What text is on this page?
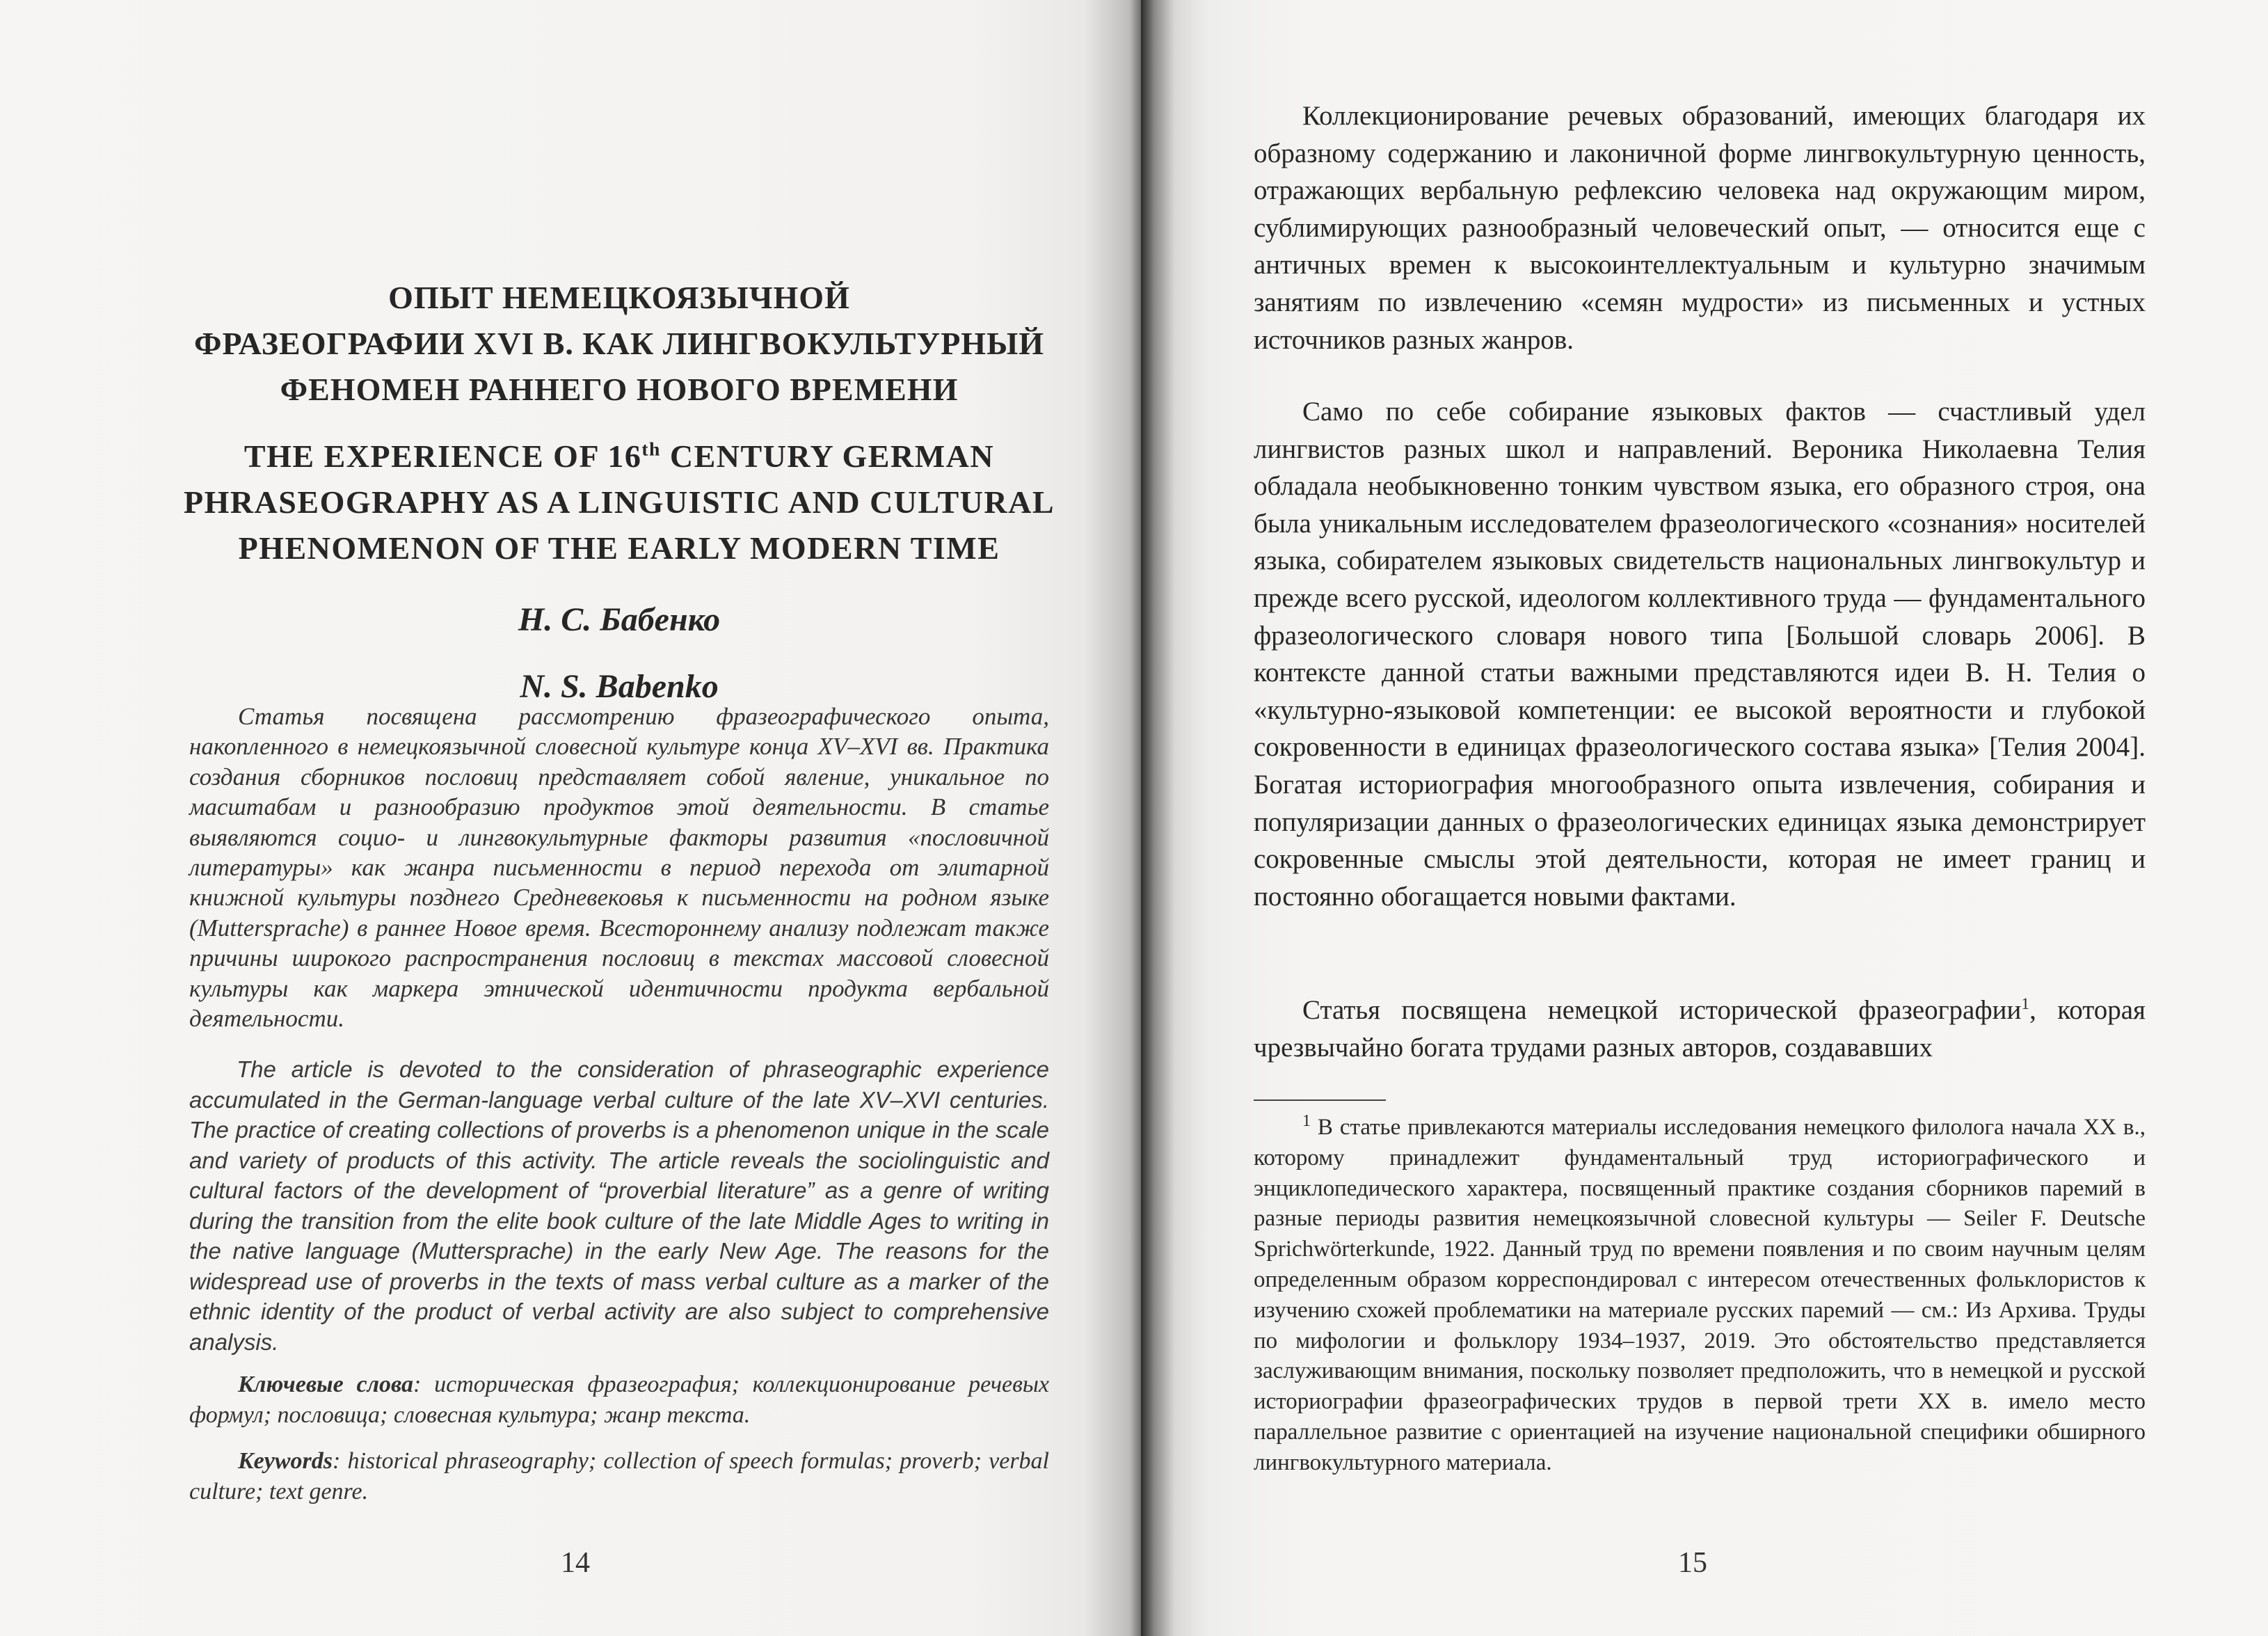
ОПЫТ НЕМЕЦКОЯЗЫЧНОЙ
ФРАЗЕОГРАФИИ XVI В. КАК ЛИНГВОКУЛЬТУРНЫЙ
ФЕНОМЕН РАННЕГО НОВОГО ВРЕМЕНИ

THE EXPERIENCE OF 16th CENTURY GERMAN
PHRASEOGRAPHY AS A LINGUISTIC AND CULTURAL
PHENOMENON OF THE EARLY MODERN TIME

Н. С. Бабенко

N. S. Babenko

Статья посвящена рассмотрению фразеографического опыта, накопленного в немецкоязычной словесной культуре конца XV–XVI вв. Практика создания сборников пословиц представляет собой явление, уникальное по масштабам и разнообразию продуктов этой деятельности. В статье выявляются социо- и лингвокультурные факторы развития «пословичной литературы» как жанра письменности в период перехода от элитарной книжной культуры позднего Средневековья к письменности на родном языке (Muttersprache) в раннее Новое время. Всестороннему анализу подлежат также причины широкого распространения пословиц в текстах массовой словесной культуры как маркера этнической идентичности продукта вербальной деятельности.

The article is devoted to the consideration of phraseographic experience accumulated in the German-language verbal culture of the late XV–XVI centuries. The practice of creating collections of proverbs is a phenomenon unique in the scale and variety of products of this activity. The article reveals the sociolinguistic and cultural factors of the development of “proverbial literature” as a genre of writing during the transition from the elite book culture of the late Middle Ages to writing in the native language (Muttersprache) in the early New Age. The reasons for the widespread use of proverbs in the texts of mass verbal culture as a marker of the ethnic identity of the product of verbal activity are also subject to comprehensive analysis.

Ключевые слова: историческая фразеография; коллекционирование речевых формул; пословица; словесная культура; жанр текста.

Keywords: historical phraseography; collection of speech formulas; proverb; verbal culture; text genre.

14

Коллекционирование речевых образований, имеющих благодаря их образному содержанию и лаконичной форме лингвокультурную ценность, отражающих вербальную рефлексию человека над окружающим миром, сублимирующих разнообразный человеческий опыт, — относится еще с античных времен к высокоинтеллектуальным и культурно значимым занятиям по извлечению «семян мудрости» из письменных и устных источников разных жанров.

Само по себе собирание языковых фактов — счастливый удел лингвистов разных школ и направлений. Вероника Николаевна Телия обладала необыкновенно тонким чувством языка, его образного строя, она была уникальным исследователем фразеологического «сознания» носителей языка, собирателем языковых свидетельств национальных лингвокультур и прежде всего русской, идеологом коллективного труда — фундаментального фразеологического словаря нового типа [Большой словарь 2006]. В контексте данной статьи важными представляются идеи В. Н. Телия о «культурно-языковой компетенции: ее высокой вероятности и глубокой сокровенности в единицах фразеологического состава языка» [Телия 2004]. Богатая историография многообразного опыта извлечения, собирания и популяризации данных о фразеологических единицах языка демонстрирует сокровенные смыслы этой деятельности, которая не имеет границ и постоянно обогащается новыми фактами.

Статья посвящена немецкой исторической фразеографии$^1$, которая чрезвычайно богата трудами разных авторов, создававших

$^1$ В статье привлекаются материалы исследования немецкого филолога начала XX в., которому принадлежит фундаментальный труд историографического и энциклопедического характера, посвященный практике создания сборников паремий в разные периоды развития немецкоязычной словесной культуры — Seiler F. Deutsche Sprichwörterkunde, 1922. Данный труд по времени появления и по своим научным целям определенным образом корреспондировал с интересом отечественных фольклористов к изучению схожей проблематики на материале русских паремий — см.: Из Архива. Труды по мифологии и фольклору 1934–1937, 2019. Это обстоятельство представляется заслуживающим внимания, поскольку позволяет предположить, что в немецкой и русской историографии фразеографических трудов в первой трети XX в. имело место параллельное развитие с ориентацией на изучение национальной специфики обширного лингвокультурного материала.

15
